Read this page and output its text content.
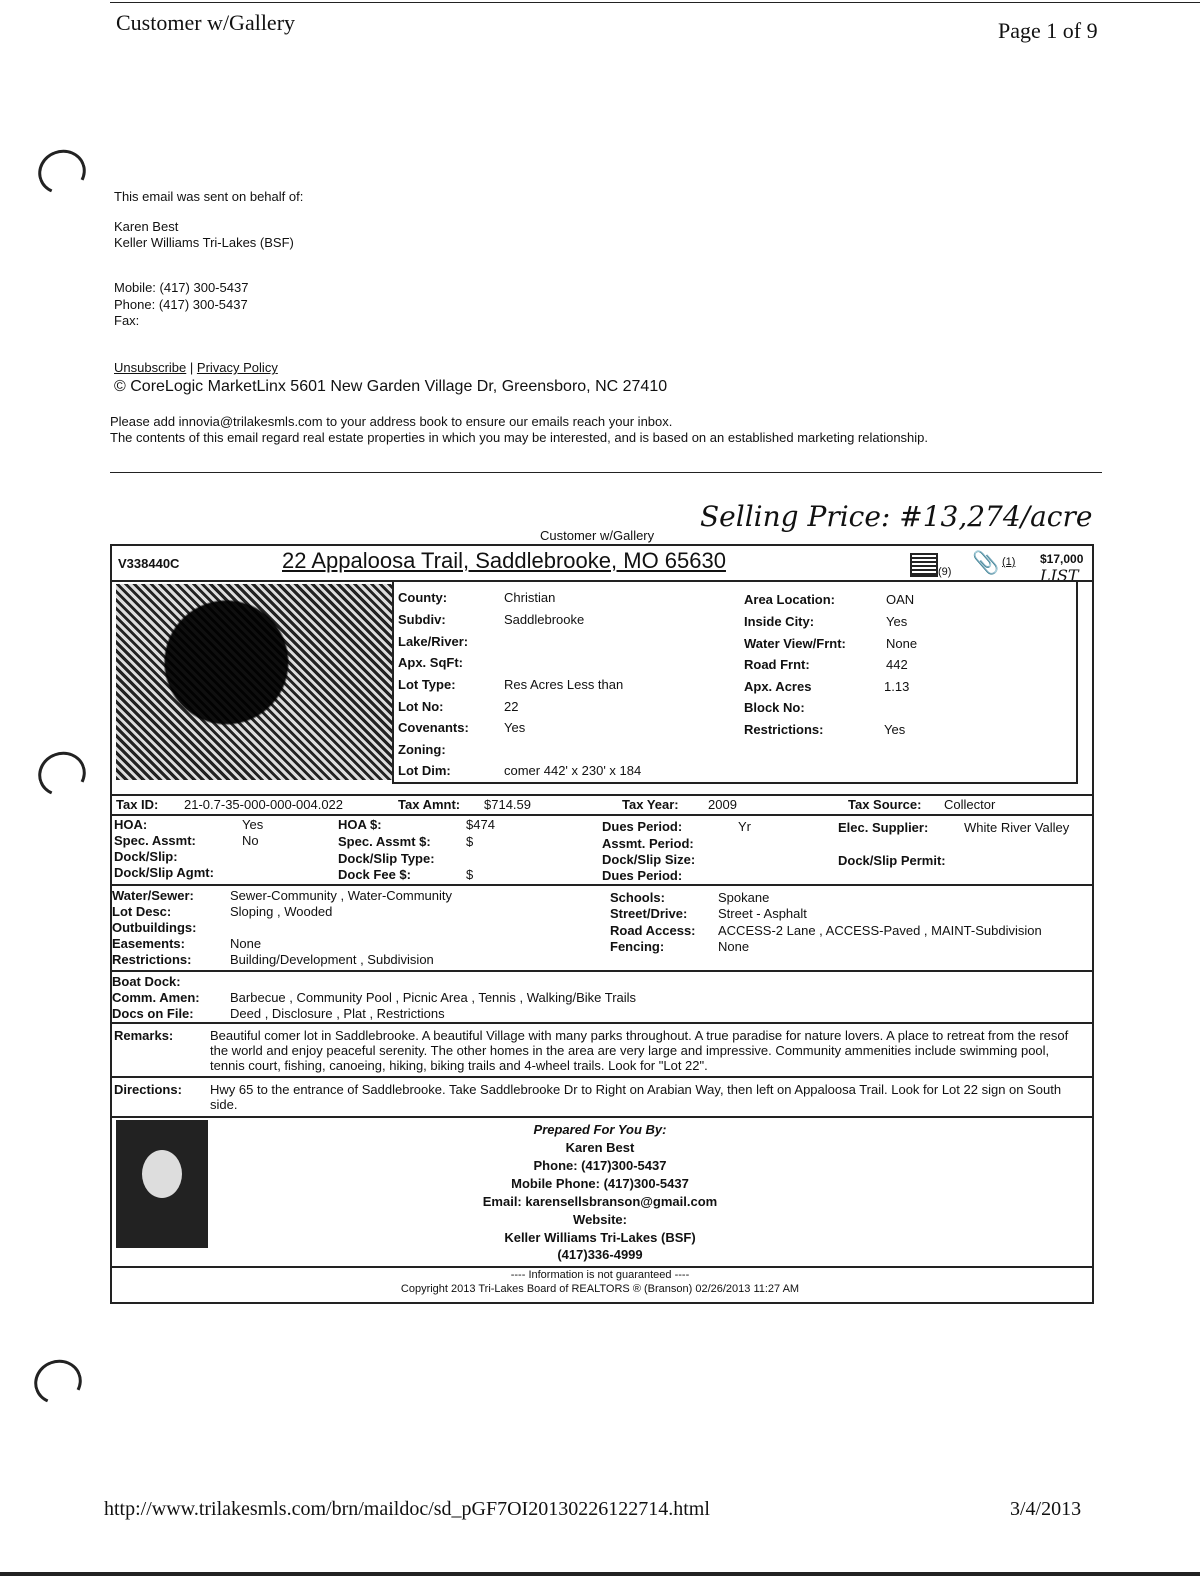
Customer w/Gallery	Page 1 of 9
This email was sent on behalf of:
Karen Best
Keller Williams Tri-Lakes (BSF)
Mobile: (417) 300-5437
Phone: (417) 300-5437
Fax:
Unsubscribe | Privacy Policy
© CoreLogic MarketLinx 5601 New Garden Village Dr, Greensboro, NC 27410
Please add innovia@trilakesmls.com to your address book to ensure our emails reach your inbox.
The contents of this email regard real estate properties in which you may be interested, and is based on an established marketing relationship.
Customer w/Gallery
Selling Price: #13,274/acre
V338440C	22 Appaloosa Trail, Saddlebrooke, MO 65630	(9) 📎 (1) $17,000
LIST
County:	Christian
Subdiv:	Saddlebrooke
Lake/River:
Apx. SqFt:
Lot Type:	Res Acres Less than
Lot No:	22
Covenants:	Yes
Zoning:
Lot Dim:	comer 442' x 230' x 184
Area Location:	OAN
Inside City:	Yes
Water View/Frnt:	None
Road Frnt:	442
Apx. Acres	1.13
Block No:
Restrictions:	Yes
Tax ID: 21-0.7-35-000-000-004.022	Tax Amnt: $714.59	Tax Year: 2009	Tax Source: Collector
HOA:	Yes	HOA $:	$474	Dues Period:	Yr	Elec. Supplier:	White River Valley
Spec. Assmt:	No	Spec. Assmt $:	$	Assmt. Period:
Dock/Slip:	Dock/Slip Type:	Dock/Slip Size:	Dock/Slip Permit:
Dock/Slip Agmt:	Dock Fee $:	$	Dues Period:
Water/Sewer:	Sewer-Community , Water-Community
Lot Desc:	Sloping , Wooded
Outbuildings:
Easements:	None
Restrictions:	Building/Development , Subdivision
Schools:	Spokane
Street/Drive: Street - Asphalt
Road Access: ACCESS-2 Lane , ACCESS-Paved , MAINT-Subdivision
Fencing:	None
Boat Dock:
Comm. Amen: Barbecue , Community Pool , Picnic Area , Tennis , Walking/Bike Trails
Docs on File:	Deed , Disclosure , Plat , Restrictions
Remarks:	Beautiful comer lot in Saddlebrooke. A beautiful Village with many parks throughout. A true paradise for nature lovers. A place to retreat from the resof the world and enjoy peaceful serenity. The other homes in the area are very large and impressive. Community ammenities include swimming pool, tennis court, fishing, canoeing, hiking, biking trails and 4-wheel trails. Look for "Lot 22".
Directions: Hwy 65 to the entrance of Saddlebrooke. Take Saddlebrooke Dr to Right on Arabian Way, then left on Appaloosa Trail. Look for Lot 22 sign on South side.
Prepared For You By:
Karen Best
Phone: (417)300-5437
Mobile Phone: (417)300-5437
Email: karensellsbranson@gmail.com
Website:
Keller Williams Tri-Lakes (BSF)
(417)336-4999
---- Information is not guaranteed ----
Copyright 2013 Tri-Lakes Board of REALTORS ® (Branson) 02/26/2013 11:27 AM
http://www.trilakesmls.com/brn/maildoc/sd_pGF7OI20130226122714.html	3/4/2013
